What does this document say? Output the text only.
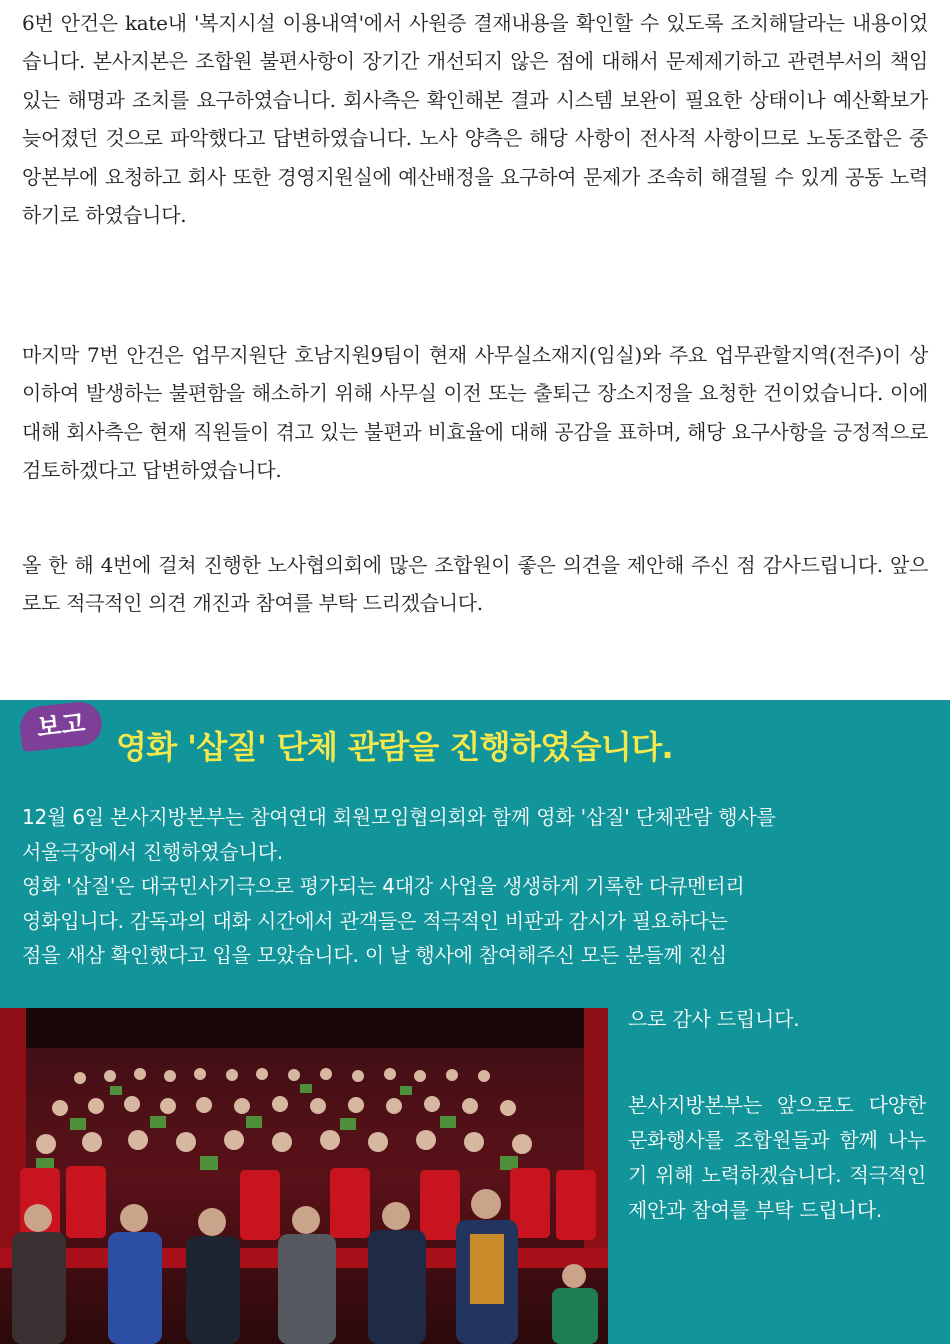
6번 안건은 kate내 '복지시설 이용내역'에서 사원증 결재내용을 확인할 수 있도록 조치해달라는 내용이었습니다. 본사지본은 조합원 불편사항이 장기간 개선되지 않은 점에 대해서 문제제기하고 관련부서의 책임 있는 해명과 조치를 요구하였습니다. 회사측은 확인해본 결과 시스템 보완이 필요한 상태이나 예산확보가 늦어졌던 것으로 파악했다고 답변하였습니다. 노사 양측은 해당 사항이 전사적 사항이므로 노동조합은 중앙본부에 요청하고 회사 또한 경영지원실에 예산배정을 요구하여 문제가 조속히 해결될 수 있게 공동 노력하기로 하였습니다.

마지막 7번 안건은 업무지원단 호남지원9팀이 현재 사무실소재지(임실)와 주요 업무관할지역(전주)이 상이하여 발생하는 불편함을 해소하기 위해 사무실 이전 또는 출퇴근 장소지정을 요청한 건이었습니다. 이에 대해 회사측은 현재 직원들이 겪고 있는 불편과 비효율에 대해 공감을 표하며, 해당 요구사항을 긍정적으로 검토하겠다고 답변하였습니다.

올 한 해 4번에 걸쳐 진행한 노사협의회에 많은 조합원이 좋은 의견을 제안해 주신 점 감사드립니다. 앞으로도 적극적인 의견 개진과 참여를 부탁 드리겠습니다.

보고
영화 '삽질' 단체 관람을 진행하였습니다.
12월 6일 본사지방본부는 참여연대 회원모임협의회와 함께 영화 '삽질' 단체관람 행사를
서울극장에서 진행하였습니다.
영화 '삽질'은 대국민사기극으로 평가되는 4대강 사업을 생생하게 기록한 다큐멘터리
영화입니다. 감독과의 대화 시간에서 관객들은 적극적인 비판과 감시가 필요하다는
점을 새삼 확인했다고 입을 모았습니다. 이 날 행사에 참여해주신 모든 분들께 진심

으로 감사 드립니다.

본사지방본부는 앞으로도 다양한 문화행사를 조합원들과 함께 나누기 위해 노력하겠습니다. 적극적인 제안과 참여를 부탁 드립니다.
